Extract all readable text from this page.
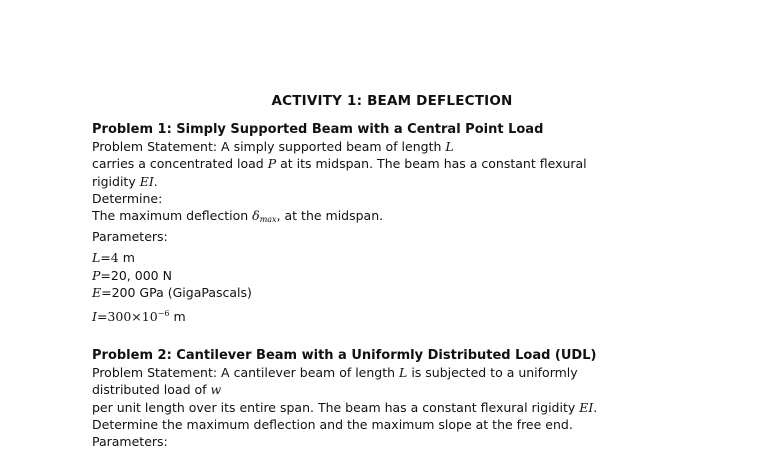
ACTIVITY 1: BEAM DEFLECTION
Problem 1: Simply Supported Beam with a Central Point Load
Problem Statement: A simply supported beam of length L
carries a concentrated load P at its midspan. The beam has a constant flexural
rigidity EI.
Determine:
The maximum deflection $\delta_{max}$, at the midspan.
Parameters:
L=4 m
P=20, 000 N
E=200 GPa (GigaPascals)
$I=300\times 10^{-6}$ m
Problem 2: Cantilever Beam with a Uniformly Distributed Load (UDL)
Problem Statement: A cantilever beam of length L is subjected to a uniformly
distributed load of w
per unit length over its entire span. The beam has a constant flexural rigidity EI.
Determine the maximum deflection and the maximum slope at the free end.
Parameters:
